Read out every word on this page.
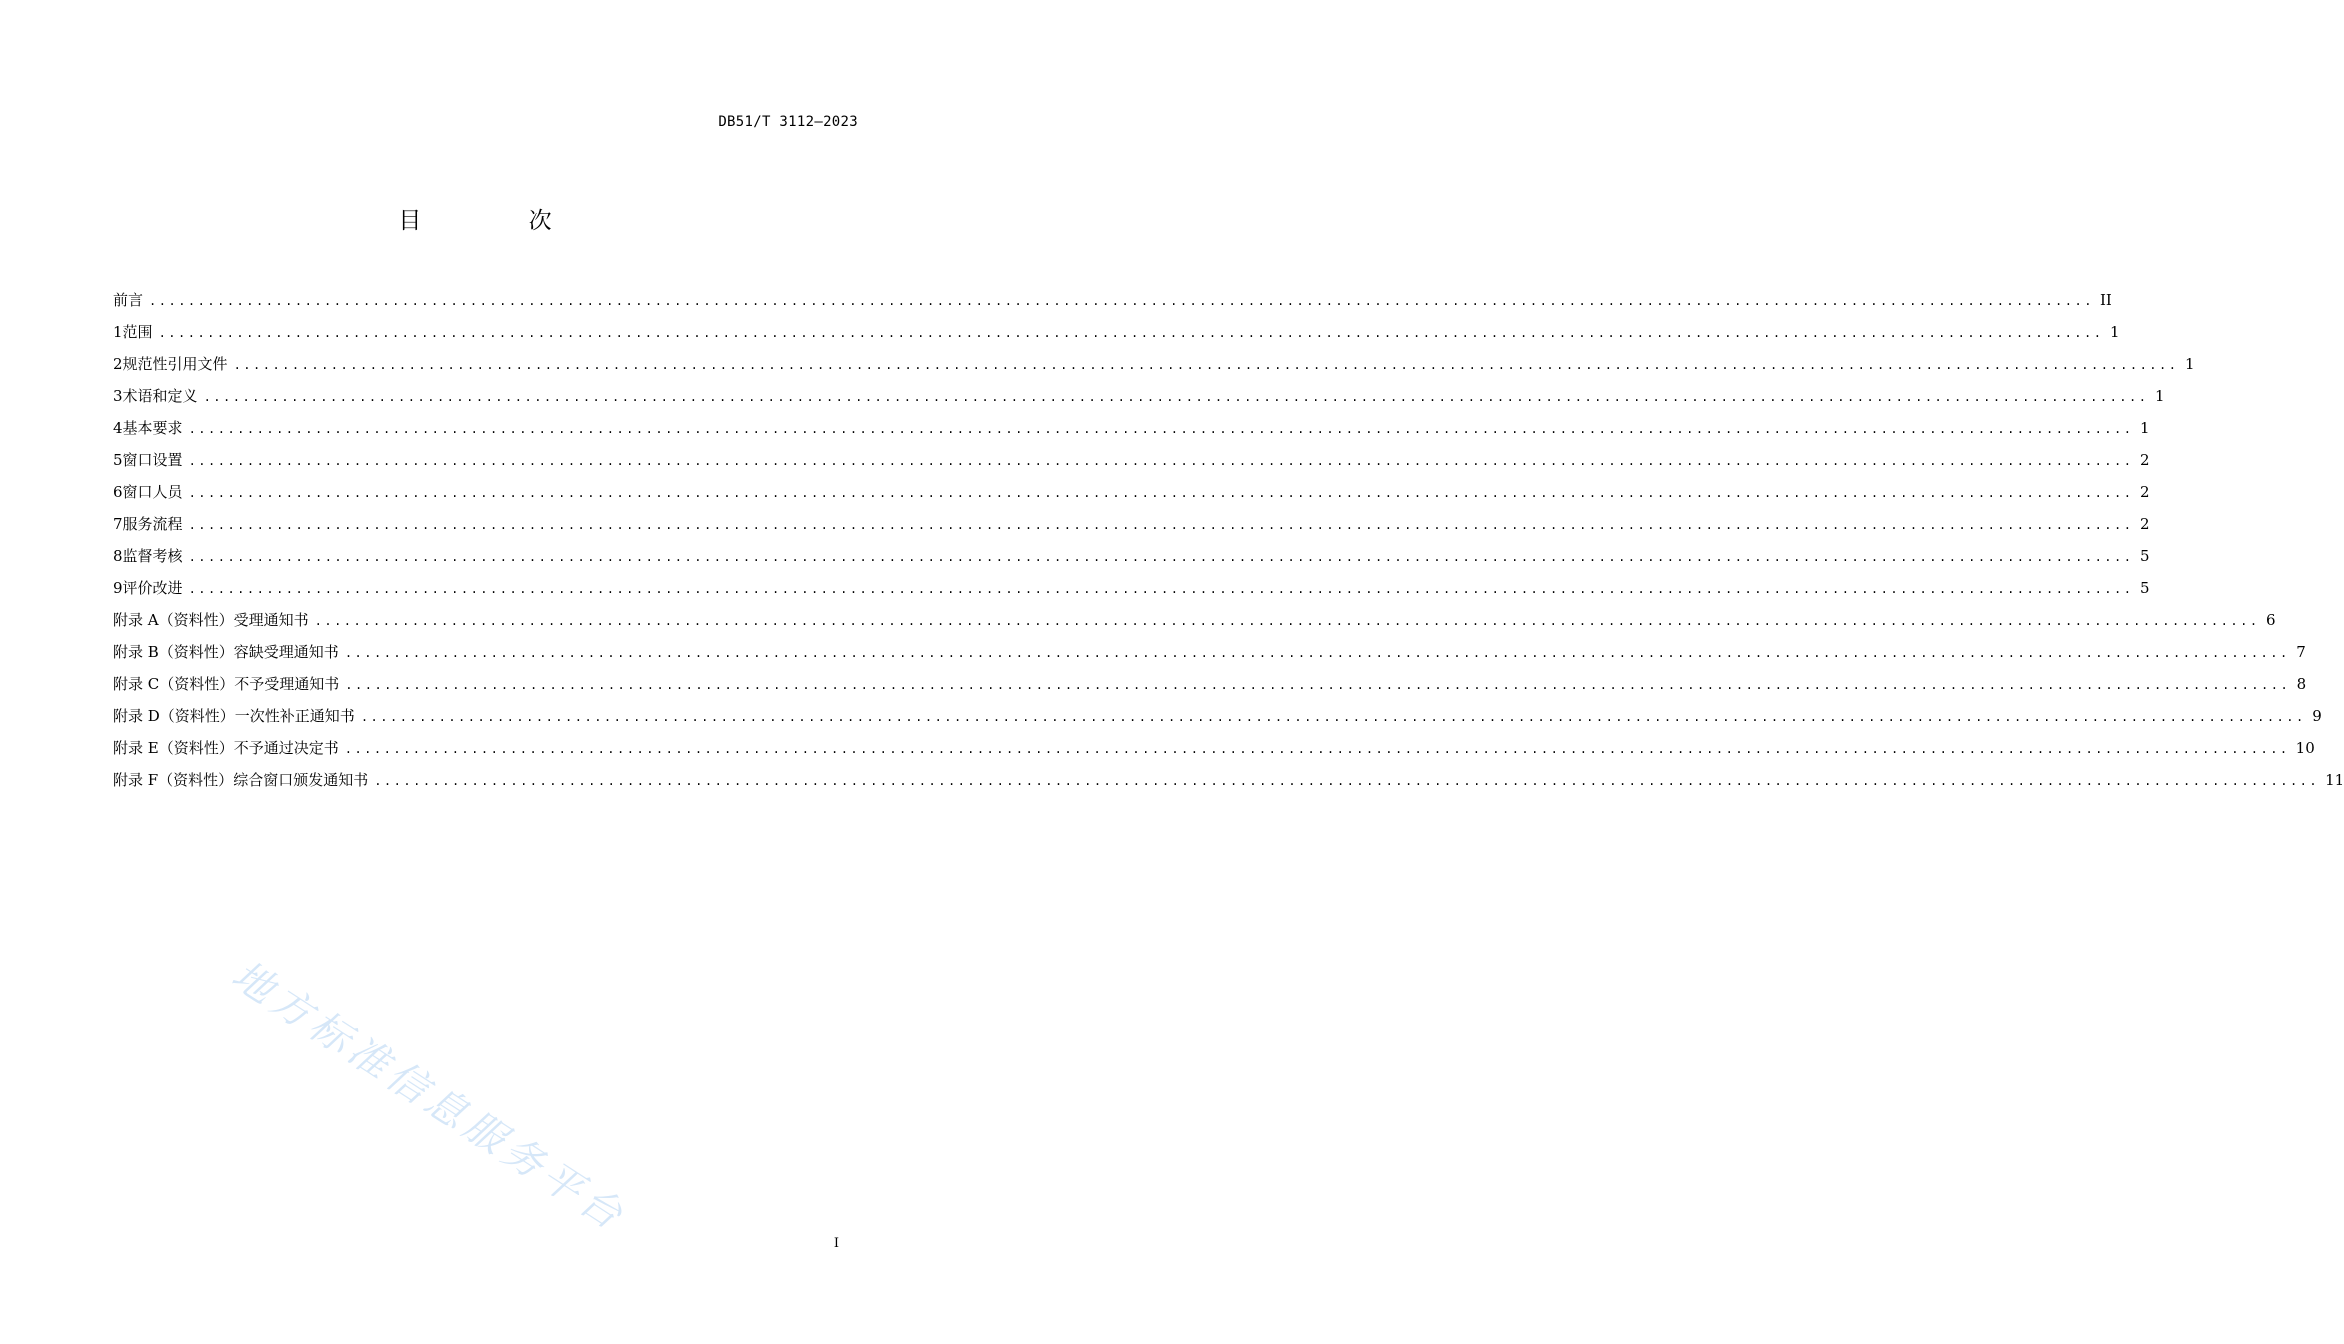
DB51/T 3112—2023
目 次
前言 ........................................................................................................................................................................................................ II
1 范围 ........................................................................................................................................................................................................ 1
2 规范性引用文件 ........................................................................................................................................................................................................ 1
3 术语和定义 ........................................................................................................................................................................................................ 1
4 基本要求 ........................................................................................................................................................................................................ 1
5 窗口设置 ........................................................................................................................................................................................................ 2
6 窗口人员 ........................................................................................................................................................................................................ 2
7 服务流程 ........................................................................................................................................................................................................ 2
8 监督考核 ........................................................................................................................................................................................................ 5
9 评价改进 ........................................................................................................................................................................................................ 5
附录 A（资料性） 受理通知书 ........................................................................................................................................................................................................ 6
附录 B（资料性） 容缺受理通知书 ........................................................................................................................................................................................................ 7
附录 C（资料性） 不予受理通知书 ........................................................................................................................................................................................................ 8
附录 D（资料性） 一次性补正通知书 ........................................................................................................................................................................................................ 9
附录 E（资料性） 不予通过决定书 ........................................................................................................................................................................................................ 10
附录 F（资料性） 综合窗口颁发通知书 ........................................................................................................................................................................................................ 11
地方标准信息服务平台
I
